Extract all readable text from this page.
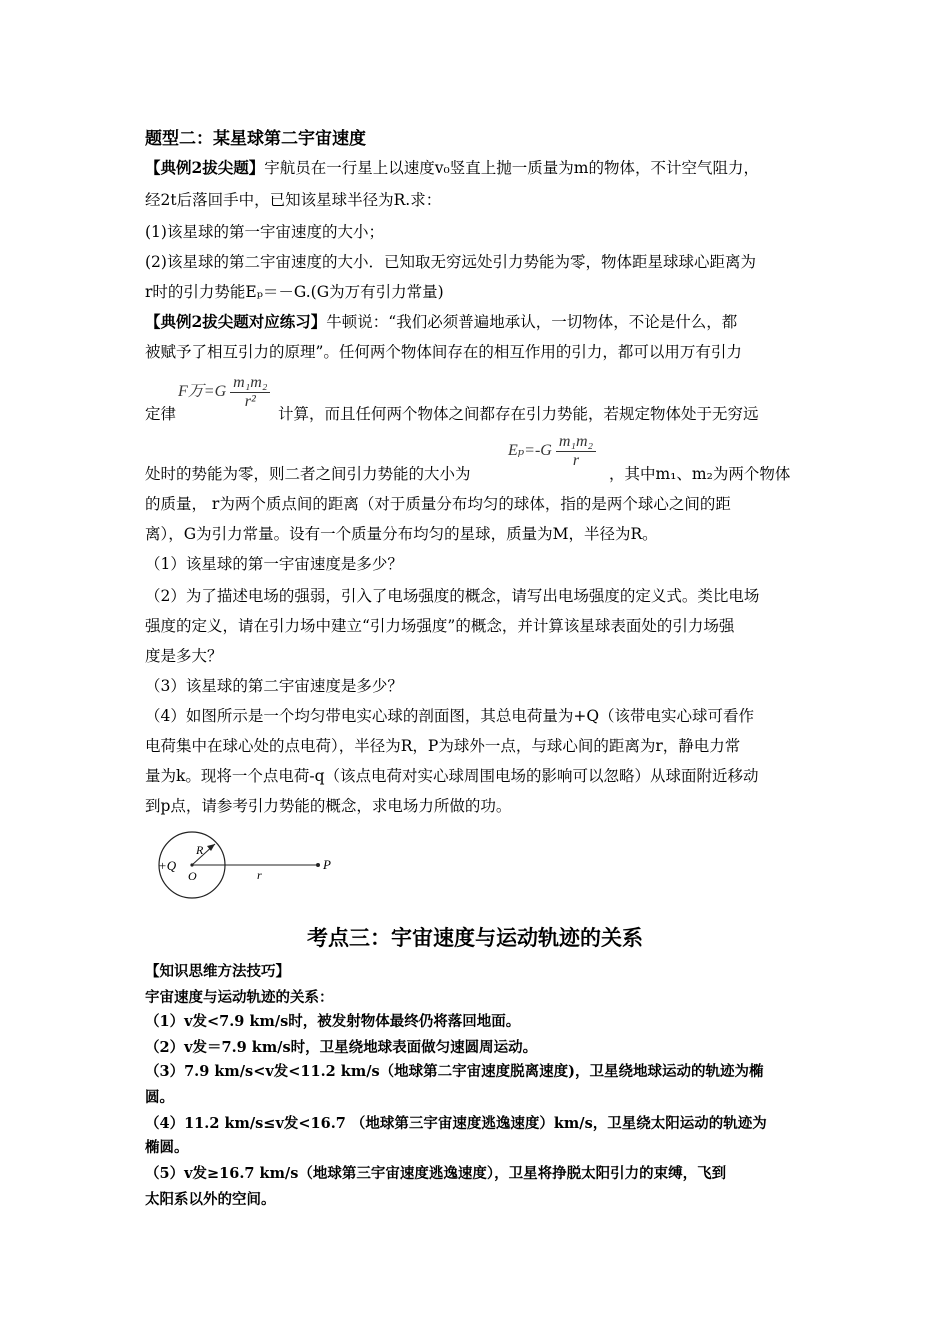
题型二：某星球第二宇宙速度
【典例2拔尖题】宇航员在一行星上以速度v₀竖直上抛一质量为m的物体，不计空气阻力，
经2t后落回手中，已知该星球半径为R.求：
(1)该星球的第一宇宙速度的大小；
(2)该星球的第二宇宙速度的大小．已知取无穷远处引力势能为零，物体距星球球心距离为
r时的引力势能Eₚ＝－G.(G为万有引力常量)
【典例2拔尖题对应练习】牛顿说：“我们必须普遍地承认，一切物体，不论是什么，都
被赋予了相互引力的原理”。任何两个物体间存在的相互作用的引力，都可以用万有引力
F万$=G \frac{\text{m₁m₂}}{\text{r²}}$
定律	计算，而且任何两个物体之间都存在引力势能，若规定物体处于无穷远
$E_p=-G \frac{\text{m₁m₂}}{r}$
处时的势能为零，则二者之间引力势能的大小为	，其中m₁、m₂为两个物体
的质量， r为两个质点间的距离（对于质量分布均匀的球体，指的是两个球心之间的距
离），G为引力常量。设有一个质量分布均匀的星球，质量为M，半径为R。
（1）该星球的第一宇宙速度是多少？
（2）为了描述电场的强弱，引入了电场强度的概念，请写出电场强度的定义式。类比电场
强度的定义，请在引力场中建立“引力场强度”的概念，并计算该星球表面处的引力场强
度是多大？
（3）该星球的第二宇宙速度是多少？
（4）如图所示是一个均匀带电实心球的剖面图，其总电荷量为+Q（该带电实心球可看作
电荷集中在球心处的点电荷），半径为R，P为球外一点，与球心间的距离为r，静电力常
量为k。现将一个点电荷-q（该点电荷对实心球周围电场的影响可以忽略）从球面附近移动
到p点，请参考引力势能的概念，求电场力所做的功。
+Q
R
O	r
P
考点三：宇宙速度与运动轨迹的关系
【知识思维方法技巧】
宇宙速度与运动轨迹的关系：
（1）v发<7.9 km/s时，被发射物体最终仍将落回地面。
（2）v发＝7.9 km/s时，卫星绕地球表面做匀速圆周运动。
（3）7.9 km/s<v发<11.2 km/s（地球第二宇宙速度脱离速度)，卫星绕地球运动的轨迹为椭
圆。
（4）11.2 km/s≤v发<16.7 （地球第三宇宙速度逃逸速度）km/s，卫星绕太阳运动的轨迹为
椭圆。
（5）v发≥16.7 km/s（地球第三宇宙速度逃逸速度），卫星将挣脱太阳引力的束缚，飞到
太阳系以外的空间。
